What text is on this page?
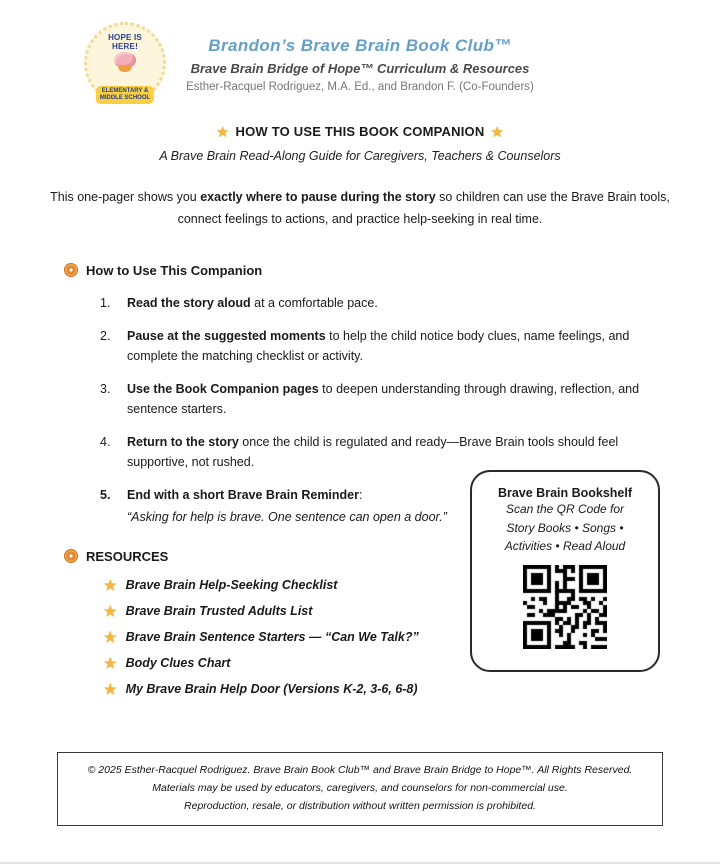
HOPE IS
HERE!
ELEMENTARY &
MIDDLE SCHOOL
Brandon’s Brave Brain Book Club™
Brave Brain Bridge of Hope™ Curriculum & Resources
Esther-Racquel Rodriguez, M.A. Ed., and Brandon F. (Co-Founders)
★ HOW TO USE THIS BOOK COMPANION ★
A Brave Brain Read-Along Guide for Caregivers, Teachers & Counselors

This one-pager shows you exactly where to pause during the story so children can use the Brave Brain tools, connect feelings to actions, and practice help-seeking in real time.

How to Use This Companion
1.	Read the story aloud at a comfortable pace.
2.	Pause at the suggested moments to help the child notice body clues, name feelings, and complete the matching checklist or activity.
3.	Use the Book Companion pages to deepen understanding through drawing, reflection, and sentence starters.
4.	Return to the story once the child is regulated and ready—Brave Brain tools should feel supportive, not rushed.
5.	End with a short Brave Brain Reminder:
“Asking for help is brave. One sentence can open a door.”
RESOURCES
★ Brave Brain Help-Seeking Checklist
★ Brave Brain Trusted Adults List
★ Brave Brain Sentence Starters — “Can We Talk?”
★ Body Clues Chart
★ My Brave Brain Help Door (Versions K-2, 3-6, 6-8)
Brave Brain Bookshelf
Scan the QR Code for
Story Books • Songs •
Activities • Read Aloud
© 2025 Esther-Racquel Rodriguez. Brave Brain Book Club™ and Brave Brain Bridge to Hope™. All Rights Reserved.
Materials may be used by educators, caregivers, and counselors for non-commercial use.
Reproduction, resale, or distribution without written permission is prohibited.
